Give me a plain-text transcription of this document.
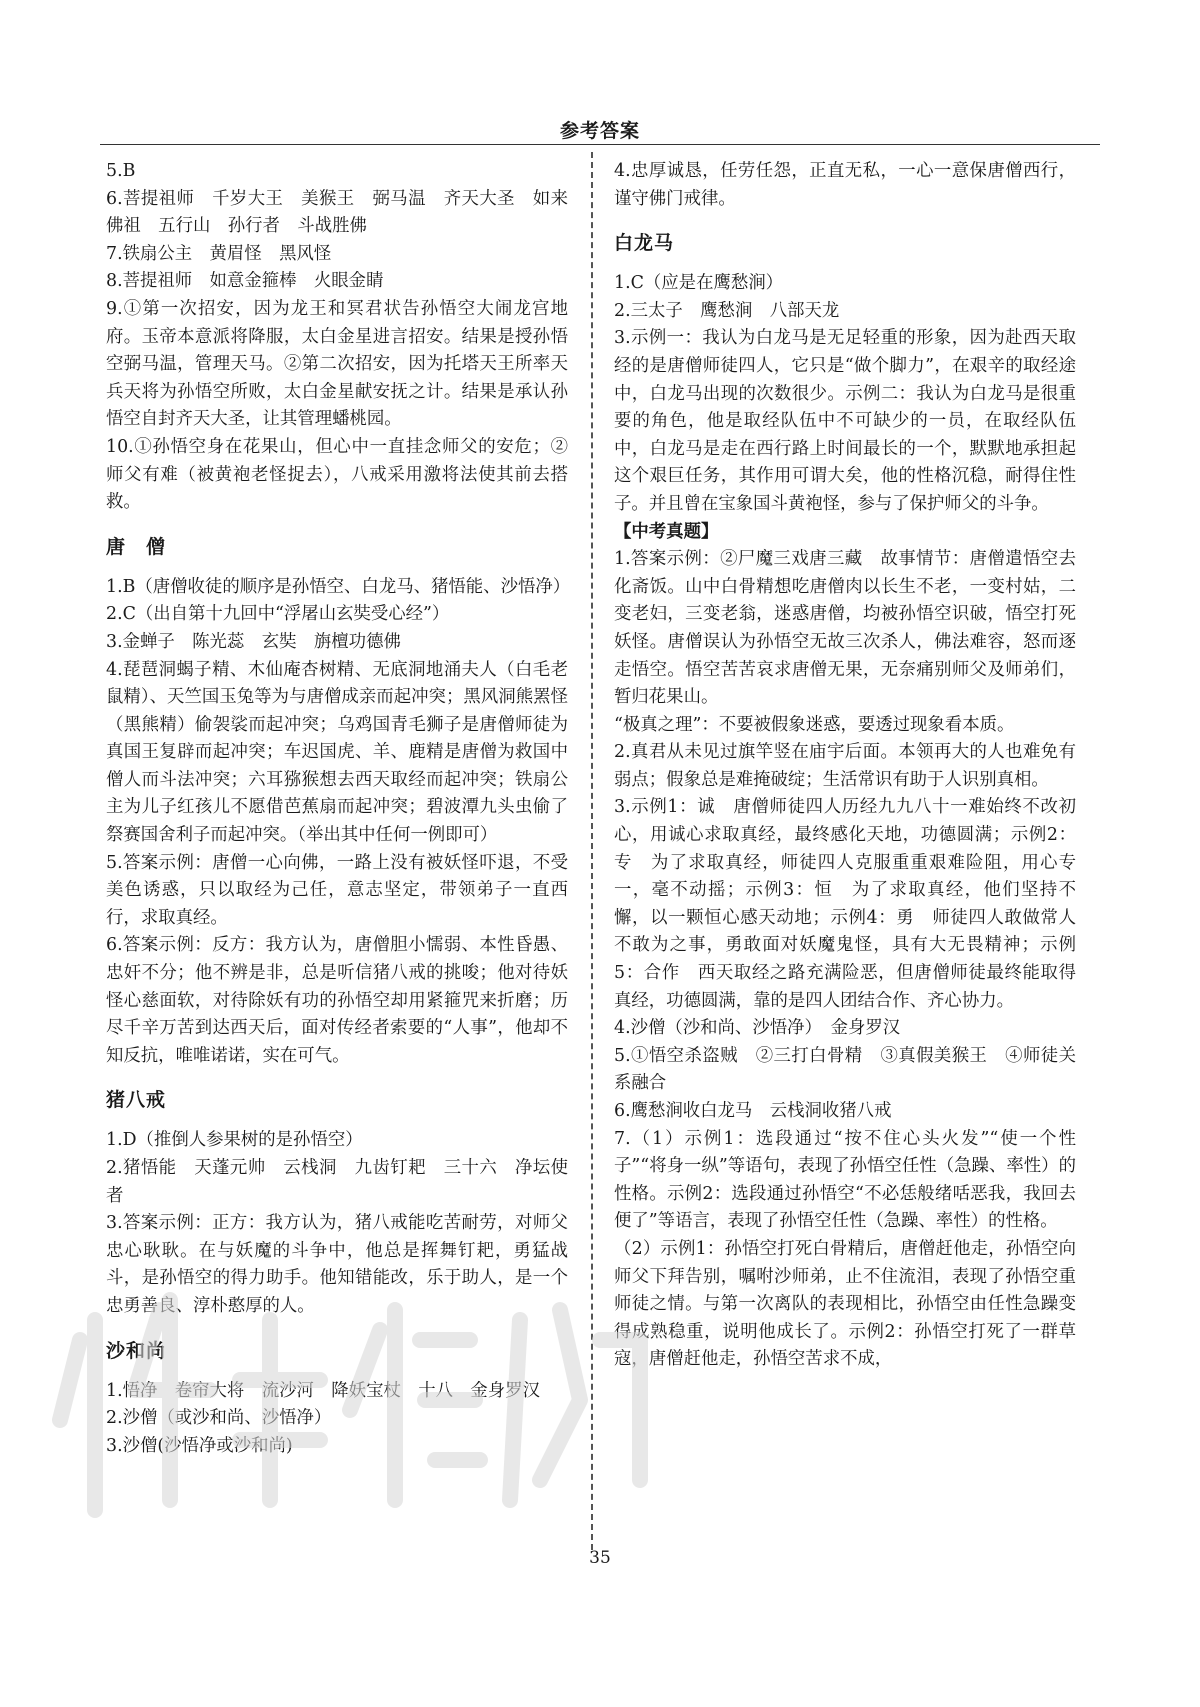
参考答案

5.B

6.菩提祖师　千岁大王　美猴王　弼马温　齐天大圣　如来佛祖　五行山　孙行者　斗战胜佛

7.铁扇公主　黄眉怪　黑风怪

8.菩提祖师　如意金箍棒　火眼金睛

9.①第一次招安，因为龙王和冥君状告孙悟空大闹龙宫地府。玉帝本意派将降服，太白金星进言招安。结果是授孙悟空弼马温，管理天马。②第二次招安，因为托塔天王所率天兵天将为孙悟空所败，太白金星献安抚之计。结果是承认孙悟空自封齐天大圣，让其管理蟠桃园。

10.①孙悟空身在花果山，但心中一直挂念师父的安危；②师父有难（被黄袍老怪捉去），八戒采用激将法使其前去搭救。

唐　僧

1.B（唐僧收徒的顺序是孙悟空、白龙马、猪悟能、沙悟净）

2.C（出自第十九回中“浮屠山玄奘受心经”）

3.金蝉子　陈光蕊　玄奘　旃檀功德佛

4.琵琶洞蝎子精、木仙庵杏树精、无底洞地涌夫人（白毛老鼠精）、天竺国玉兔等为与唐僧成亲而起冲突；黑风洞熊罴怪（黑熊精）偷袈裟而起冲突；乌鸡国青毛狮子是唐僧师徒为真国王复辟而起冲突；车迟国虎、羊、鹿精是唐僧为救国中僧人而斗法冲突；六耳猕猴想去西天取经而起冲突；铁扇公主为儿子红孩儿不愿借芭蕉扇而起冲突；碧波潭九头虫偷了祭赛国舍利子而起冲突。（举出其中任何一例即可）

5.答案示例：唐僧一心向佛，一路上没有被妖怪吓退，不受美色诱惑，只以取经为己任，意志坚定，带领弟子一直西行，求取真经。

6.答案示例：反方：我方认为，唐僧胆小懦弱、本性昏愚、忠奸不分；他不辨是非，总是听信猪八戒的挑唆；他对待妖怪心慈面软，对待除妖有功的孙悟空却用紧箍咒来折磨；历尽千辛万苦到达西天后，面对传经者索要的“人事”，他却不知反抗，唯唯诺诺，实在可气。

猪八戒

1.D（推倒人参果树的是孙悟空）

2.猪悟能　天蓬元帅　云栈洞　九齿钉耙　三十六　净坛使者

3.答案示例：正方：我方认为，猪八戒能吃苦耐劳，对师父忠心耿耿。在与妖魔的斗争中，他总是挥舞钉耙，勇猛战斗，是孙悟空的得力助手。他知错能改，乐于助人，是一个忠勇善良、淳朴憨厚的人。

沙和尚

1.悟净　卷帘大将　流沙河　降妖宝杖　十八　金身罗汉

2.沙僧（或沙和尚、沙悟净）

3.沙僧(沙悟净或沙和尚)

4.忠厚诚恳，任劳任怨，正直无私，一心一意保唐僧西行，谨守佛门戒律。

白龙马

1.C（应是在鹰愁涧）

2.三太子　鹰愁涧　八部天龙

3.示例一：我认为白龙马是无足轻重的形象，因为赴西天取经的是唐僧师徒四人，它只是“做个脚力”，在艰辛的取经途中，白龙马出现的次数很少。示例二：我认为白龙马是很重要的角色，他是取经队伍中不可缺少的一员，在取经队伍中，白龙马是走在西行路上时间最长的一个，默默地承担起这个艰巨任务，其作用可谓大矣，他的性格沉稳，耐得住性子。并且曾在宝象国斗黄袍怪，参与了保护师父的斗争。

【中考真题】

1.答案示例：②尸魔三戏唐三藏　故事情节：唐僧遣悟空去化斋饭。山中白骨精想吃唐僧肉以长生不老，一变村姑，二变老妇，三变老翁，迷惑唐僧，均被孙悟空识破，悟空打死妖怪。唐僧误认为孙悟空无故三次杀人，佛法难容，怒而逐走悟空。悟空苦苦哀求唐僧无果，无奈痛别师父及师弟们，暂归花果山。

“极真之理”：不要被假象迷惑，要透过现象看本质。

2.真君从未见过旗竿竖在庙宇后面。本领再大的人也难免有弱点；假象总是难掩破绽；生活常识有助于人识别真相。

3.示例1：诚　唐僧师徒四人历经九九八十一难始终不改初心，用诚心求取真经，最终感化天地，功德圆满；示例2：专　为了求取真经，师徒四人克服重重艰难险阻，用心专一，毫不动摇；示例3：恒　为了求取真经，他们坚持不懈，以一颗恒心感天动地；示例4：勇　师徒四人敢做常人不敢为之事，勇敢面对妖魔鬼怪，具有大无畏精神；示例5：合作　西天取经之路充满险恶，但唐僧师徒最终能取得真经，功德圆满，靠的是四人团结合作、齐心协力。

4.沙僧（沙和尚、沙悟净）　金身罗汉

5.①悟空杀盗贼　②三打白骨精　③真假美猴王　④师徒关系融合

6.鹰愁涧收白龙马　云栈洞收猪八戒

7.（1）示例1：选段通过“按不住心头火发”“使一个性子”“将身一纵”等语句，表现了孙悟空任性（急躁、率性）的性格。示例2：选段通过孙悟空“不必恁般绪咶恶我，我回去便了”等语言，表现了孙悟空任性（急躁、率性）的性格。

（2）示例1：孙悟空打死白骨精后，唐僧赶他走，孙悟空向师父下拜告别，嘱咐沙师弟，止不住流泪，表现了孙悟空重师徒之情。与第一次离队的表现相比，孙悟空由任性急躁变得成熟稳重，说明他成长了。示例2：孙悟空打死了一群草寇，唐僧赶他走，孙悟空苦求不成，

35
